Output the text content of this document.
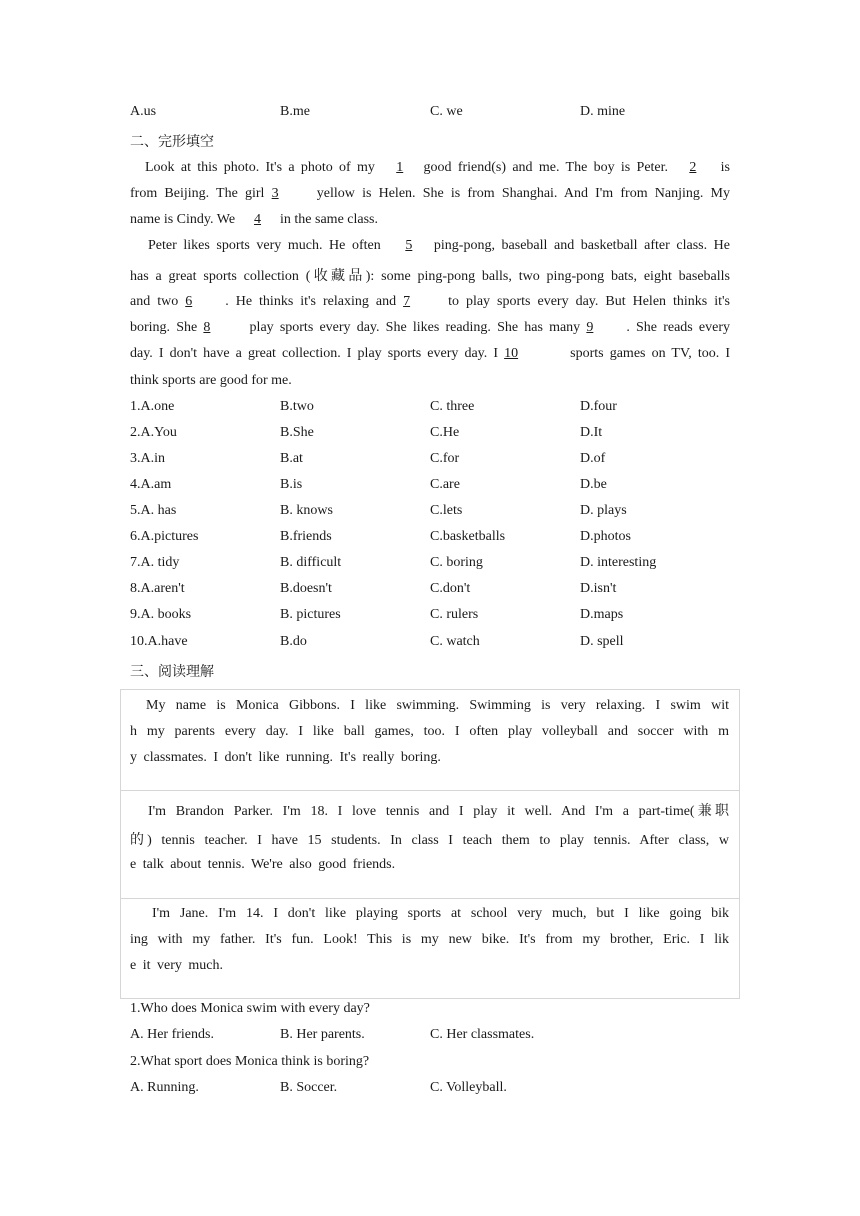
A.us	B.me	C. we	D. mine
二、完形填空
Look at this photo. It's a photo of my 1 good friend(s) and me. The boy is Peter. 2 is
from Beijing. The girl 3 yellow is Helen. She is from Shanghai. And I'm from Nanjing. My
name is Cindy. We 4 in the same class.
Peter likes sports very much. He often 5 ping-pong, baseball and basketball after class. He
has a great sports collection (收藏品): some ping-pong balls, two ping-pong bats, eight baseballs
and two 6 . He thinks it's relaxing and 7 to play sports every day. But Helen thinks it's
boring. She 8 play sports every day. She likes reading. She has many 9 . She reads every
day. I don't have a great collection. I play sports every day. I 10	sports games on TV, too. I
think sports are good for me.
1.A.one	B.two	C. three	D.four
2.A.You	B.She	C.He	D.It
3.A.in	B.at	C.for	D.of
4.A.am	B.is	C.are	D.be
5.A. has	B. knows	C.lets	D. plays
6.A.pictures	B.friends	C.basketballs	D.photos
7.A. tidy	B. difficult	C. boring	D. interesting
8.A.aren't	B.doesn't	C.don't	D.isn't
9.A. books	B. pictures	C. rulers	D.maps
10.A.have	B.do	C. watch	D. spell
三、阅读理解
My name is Monica Gibbons. I like swimming. Swimming is very relaxing. I swim wit
h my parents every day. I like ball games, too. I often play volleyball and soccer with m
y classmates. I don't like running. It's really boring.
I'm Brandon Parker. I'm 18. I love tennis and I play it well. And I'm a part-time(兼职
的) tennis teacher. I have 15 students. In class I teach them to play tennis. After class, w
e talk about tennis. We're also good friends.
I'm Jane. I'm 14. I don't like playing sports at school very much, but I like going bik
ing with my father. It's fun. Look! This is my new bike. It's from my brother, Eric. I lik
e it very much.
1.Who does Monica swim with every day?
A. Her friends.	B. Her parents.	C. Her classmates.
2.What sport does Monica think is boring?
A. Running.	B. Soccer.	C. Volleyball.
